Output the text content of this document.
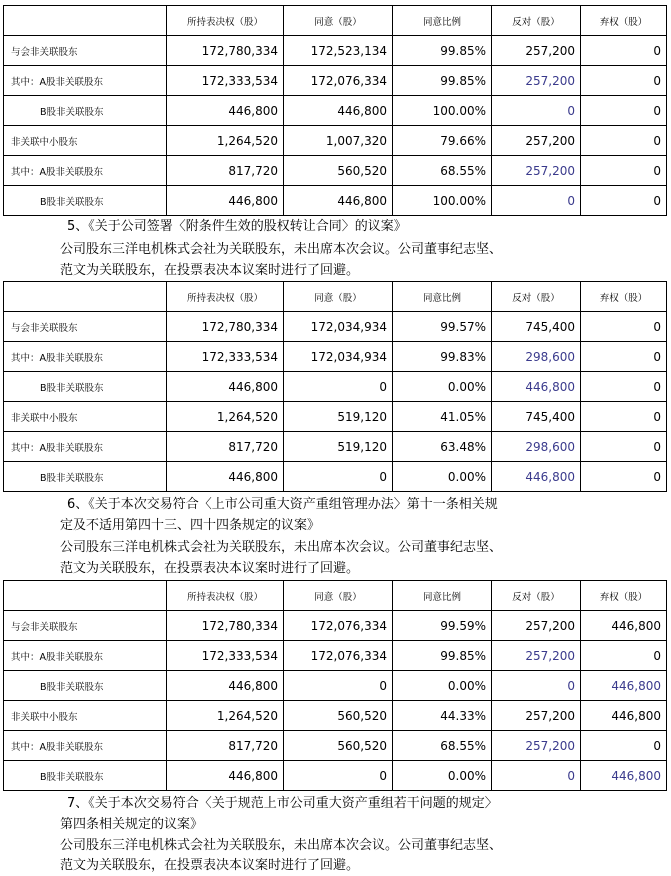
	所持表决权（股）	同意（股）	同意比例	反对（股）	弃权（股）
与会非关联股东	172,780,334	172,523,134	99.85%	257,200	0
其中：A股非关联股东	172,333,534	172,076,334	99.85%	257,200	0
B股非关联股东	446,800	446,800	100.00%	0	0
非关联中小股东	1,264,520	1,007,320	79.66%	257,200	0
其中：A股非关联股东	817,720	560,520	68.55%	257,200	0
B股非关联股东	446,800	446,800	100.00%	0	0
5、《关于公司签署〈附条件生效的股权转让合同〉的议案》
公司股东三洋电机株式会社为关联股东，未出席本次会议。公司董事纪志坚、
范文为关联股东，在投票表决本议案时进行了回避。
	所持表决权（股）	同意（股）	同意比例	反对（股）	弃权（股）
与会非关联股东	172,780,334	172,034,934	99.57%	745,400	0
其中：A股非关联股东	172,333,534	172,034,934	99.83%	298,600	0
B股非关联股东	446,800	0	0.00%	446,800	0
非关联中小股东	1,264,520	519,120	41.05%	745,400	0
其中：A股非关联股东	817,720	519,120	63.48%	298,600	0
B股非关联股东	446,800	0	0.00%	446,800	0
6、《关于本次交易符合〈上市公司重大资产重组管理办法〉第十一条相关规
定及不适用第四十三、四十四条规定的议案》
公司股东三洋电机株式会社为关联股东，未出席本次会议。公司董事纪志坚、
范文为关联股东，在投票表决本议案时进行了回避。
	所持表决权（股）	同意（股）	同意比例	反对（股）	弃权（股）
与会非关联股东	172,780,334	172,076,334	99.59%	257,200	446,800
其中：A股非关联股东	172,333,534	172,076,334	99.85%	257,200	0
B股非关联股东	446,800	0	0.00%	0	446,800
非关联中小股东	1,264,520	560,520	44.33%	257,200	446,800
其中：A股非关联股东	817,720	560,520	68.55%	257,200	0
B股非关联股东	446,800	0	0.00%	0	446,800
7、《关于本次交易符合〈关于规范上市公司重大资产重组若干问题的规定〉
第四条相关规定的议案》
公司股东三洋电机株式会社为关联股东，未出席本次会议。公司董事纪志坚、
范文为关联股东，在投票表决本议案时进行了回避。
